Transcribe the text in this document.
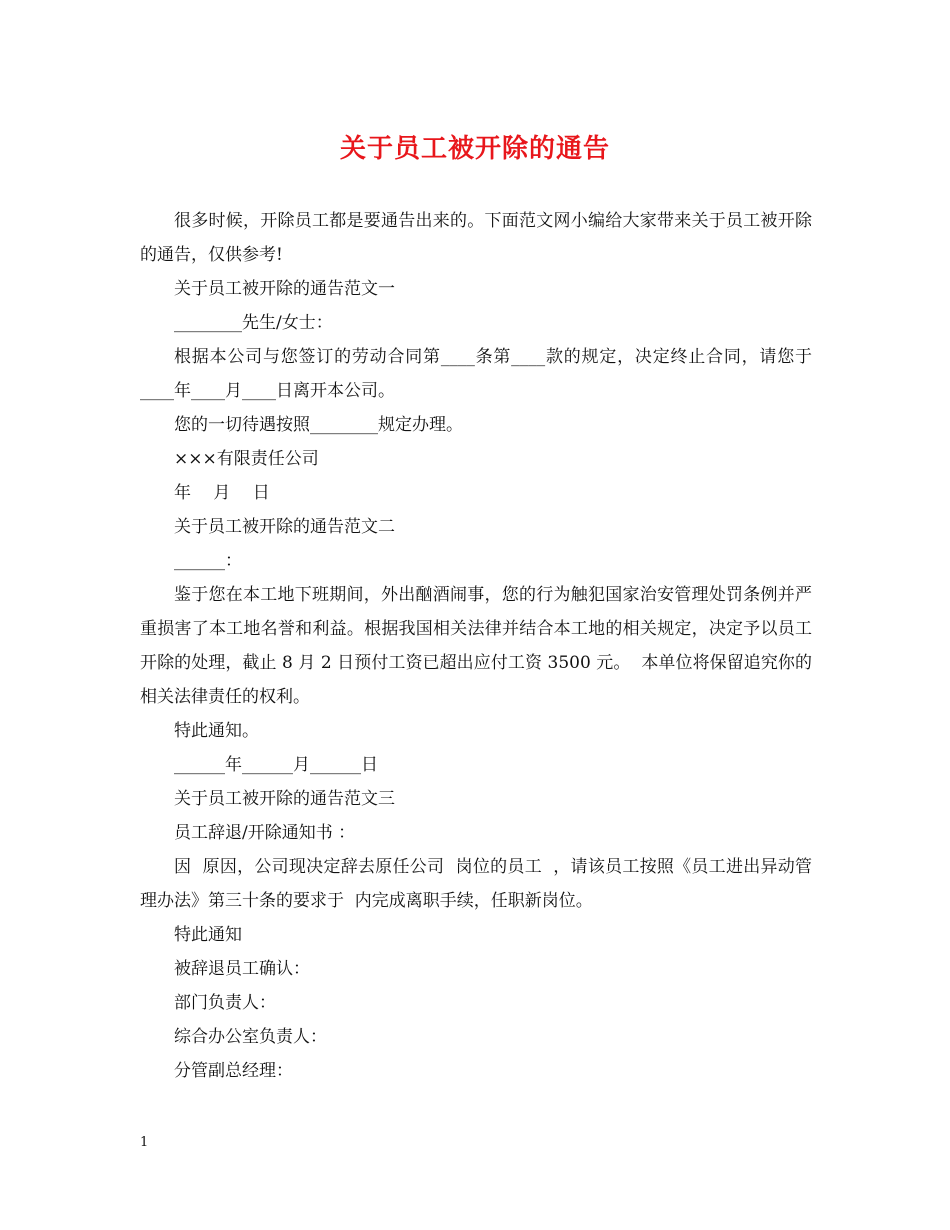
关于员工被开除的通告

很多时候，开除员工都是要通告出来的。下面范文网小编给大家带来关于员工被开除的通告，仅供参考!

关于员工被开除的通告范文一

________先生/女士：

根据本公司与您签订的劳动合同第____条第____款的规定，决定终止合同，请您于____年____月____日离开本公司。

您的一切待遇按照________规定办理。

×××有限责任公司

年　 月　 日

关于员工被开除的通告范文二

______：

鉴于您在本工地下班期间，外出酗酒闹事，您的行为触犯国家治安管理处罚条例并严重损害了本工地名誉和利益。根据我国相关法律并结合本工地的相关规定，决定予以员工开除的处理，截止 8 月 2 日预付工资已超出应付工资 3500 元。  本单位将保留追究你的相关法律责任的权利。

特此通知。

______年______月______日

关于员工被开除的通告范文三

员工辞退/开除通知书 ：

因  原因，公司现决定辞去原任公司  岗位的员工  ，请该员工按照《员工进出异动管理办法》第三十条的要求于  内完成离职手续，任职新岗位。

特此通知

被辞退员工确认：

部门负责人：

综合办公室负责人：

分管副总经理：

1
